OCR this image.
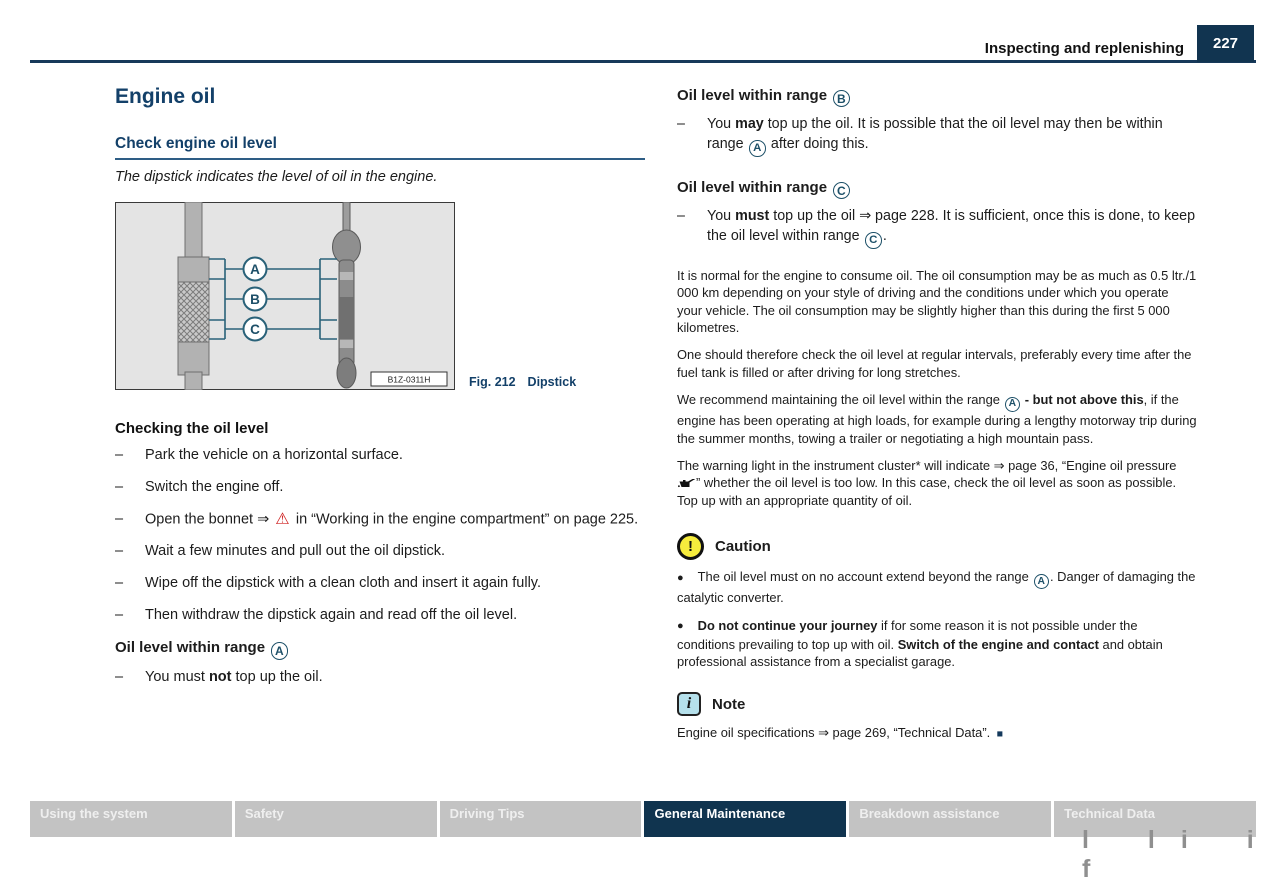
Inspecting and replenishing	227
Engine oil
Check engine oil level

The dipstick indicates the level of oil in the engine.

A
B
C
B1Z-0311H	Fig. 212 Dipstick
Checking the oil level
–	Park the vehicle on a horizontal surface.
–	Switch the engine off.
–	Open the bonnet ⇒ ⚠ in “Working in the engine compartment” on page 225.
–	Wait a few minutes and pull out the oil dipstick.
–	Wipe off the dipstick with a clean cloth and insert it again fully.
–	Then withdraw the dipstick again and read off the oil level.
Oil level within range A
–	You must not top up the oil.
Oil level within range B
–	You may top up the oil. It is possible that the oil level may then be within range A after doing this.
Oil level within range C
–	You must top up the oil ⇒ page 228. It is sufficient, once this is done, to keep the oil level within range C .

It is normal for the engine to consume oil. The oil consumption may be as much as 0.5 ltr./1 000 km depending on your style of driving and the conditions under which you operate your vehicle. The oil consumption may be slightly higher than this during the first 5 000 kilometres.

One should therefore check the oil level at regular intervals, preferably every time after the fuel tank is filled or after driving for long stretches.

We recommend maintaining the oil level within the range A - but not above this, if the engine has been operating at high loads, for example during a lengthy motorway trip during the summer months, towing a trailer or negotiating a high mountain pass.

The warning light in the instrument cluster* will indicate ⇒ page 36, “Engine oil pressure ” whether the oil level is too low. In this case, check the oil level as soon as possible. Top up with an appropriate quantity of oil.

!	Caution

● The oil level must on no account extend beyond the range A . Danger of damaging the catalytic converter.

● Do not continue your journey if for some reason it is not possible under the conditions prevailing to top up with oil. Switch of the engine and contact and obtain professional assistance from a specialist garage.

i	Note

Engine oil specifications ⇒ page 269, “Technical Data”. ■

Using the system	Safety	Driving Tips	General Maintenance	Breakdown assistance	Technical Data
l li i f
